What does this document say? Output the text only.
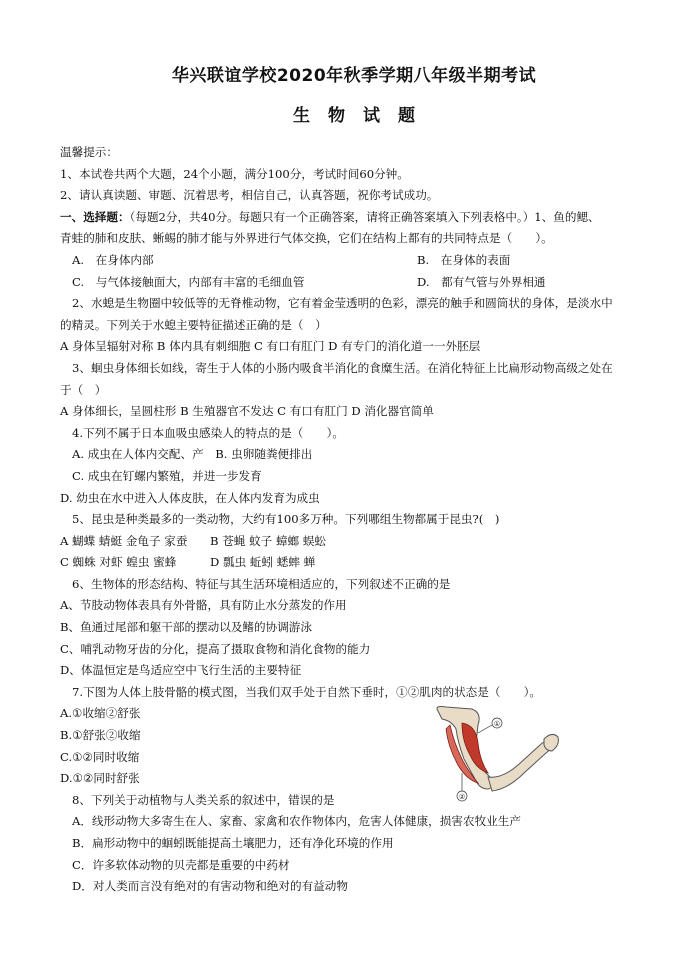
华兴联谊学校2020年秋季学期八年级半期考试
生物试题
温馨提示：
1、本试卷共两个大题，24个小题，满分100分，考试时间60分钟。
2、请认真读题、审题、沉着思考，相信自己，认真答题，祝你考试成功。
一、选择题：（每题2分，共40分。每题只有一个正确答案，请将正确答案填入下列表格中。）1、鱼的鳃、
青蛙的肺和皮肤、蜥蜴的肺才能与外界进行气体交换，它们在结构上都有的共同特点是（　　）。
A.　在身体内部	B.　在身体的表面
C.　与气体接触面大，内部有丰富的毛细血管	D.　都有气管与外界相通
2、水螅是生物圈中较低等的无脊椎动物，它有着金莹透明的色彩，漂亮的触手和圆筒状的身体，是淡水中
的精灵。下列关于水螅主要特征描述正确的是（　）
A 身体呈辐射对称 B 体内具有刺细胞 C 有口有肛门 D 有专门的消化道一一外胚层
3、蛔虫身体细长如线，寄生于人体的小肠内吸食半消化的食糜生活。在消化特征上比扁形动物高级之处在
于（　）
A 身体细长，呈圆柱形 B 生殖器官不发达 C 有口有肛门 D 消化器官简单
4.下列不属于日本血吸虫感染人的特点的是（　　）。
A. 成虫在人体内交配、产　B. 虫卵随粪便排出
C. 成虫在钉螺内繁殖，并进一步发育
D. 幼虫在水中进入人体皮肤，在人体内发育为成虫
5、昆虫是种类最多的一类动物，大约有100多万种。下列哪组生物都属于昆虫?(　)
A 蝴蝶 蜻蜓 金龟子 家蚕	B 苍蝇 蚊子 蟑螂 蜈蚣
C 蜘蛛 对虾 蝗虫 蜜蜂	D 瓢虫 蚯蚓 蟋蟀 蝉
6、生物体的形态结构、特征与其生活环境相适应的，下列叙述不正确的是
A、节肢动物体表具有外骨骼，具有防止水分蒸发的作用
B、鱼通过尾部和躯干部的摆动以及鳍的协调游泳
C、哺乳动物牙齿的分化，提高了摄取食物和消化食物的能力
D、体温恒定是鸟适应空中飞行生活的主要特征
7.下图为人体上肢骨骼的模式图，当我们双手处于自然下垂时，①②肌肉的状态是（　　）。
A.①收缩②舒张
B.①舒张②收缩
C.①②同时收缩
D.①②同时舒张
①
②
8、下列关于动植物与人类关系的叙述中，错误的是
A．线形动物大多寄生在人、家畜、家禽和农作物体内，危害人体健康，损害农牧业生产
B．扁形动物中的蛔蚓既能提高土壤肥力，还有净化环境的作用
C．许多软体动物的贝壳都是重要的中药材
D．对人类而言没有绝对的有害动物和绝对的有益动物
